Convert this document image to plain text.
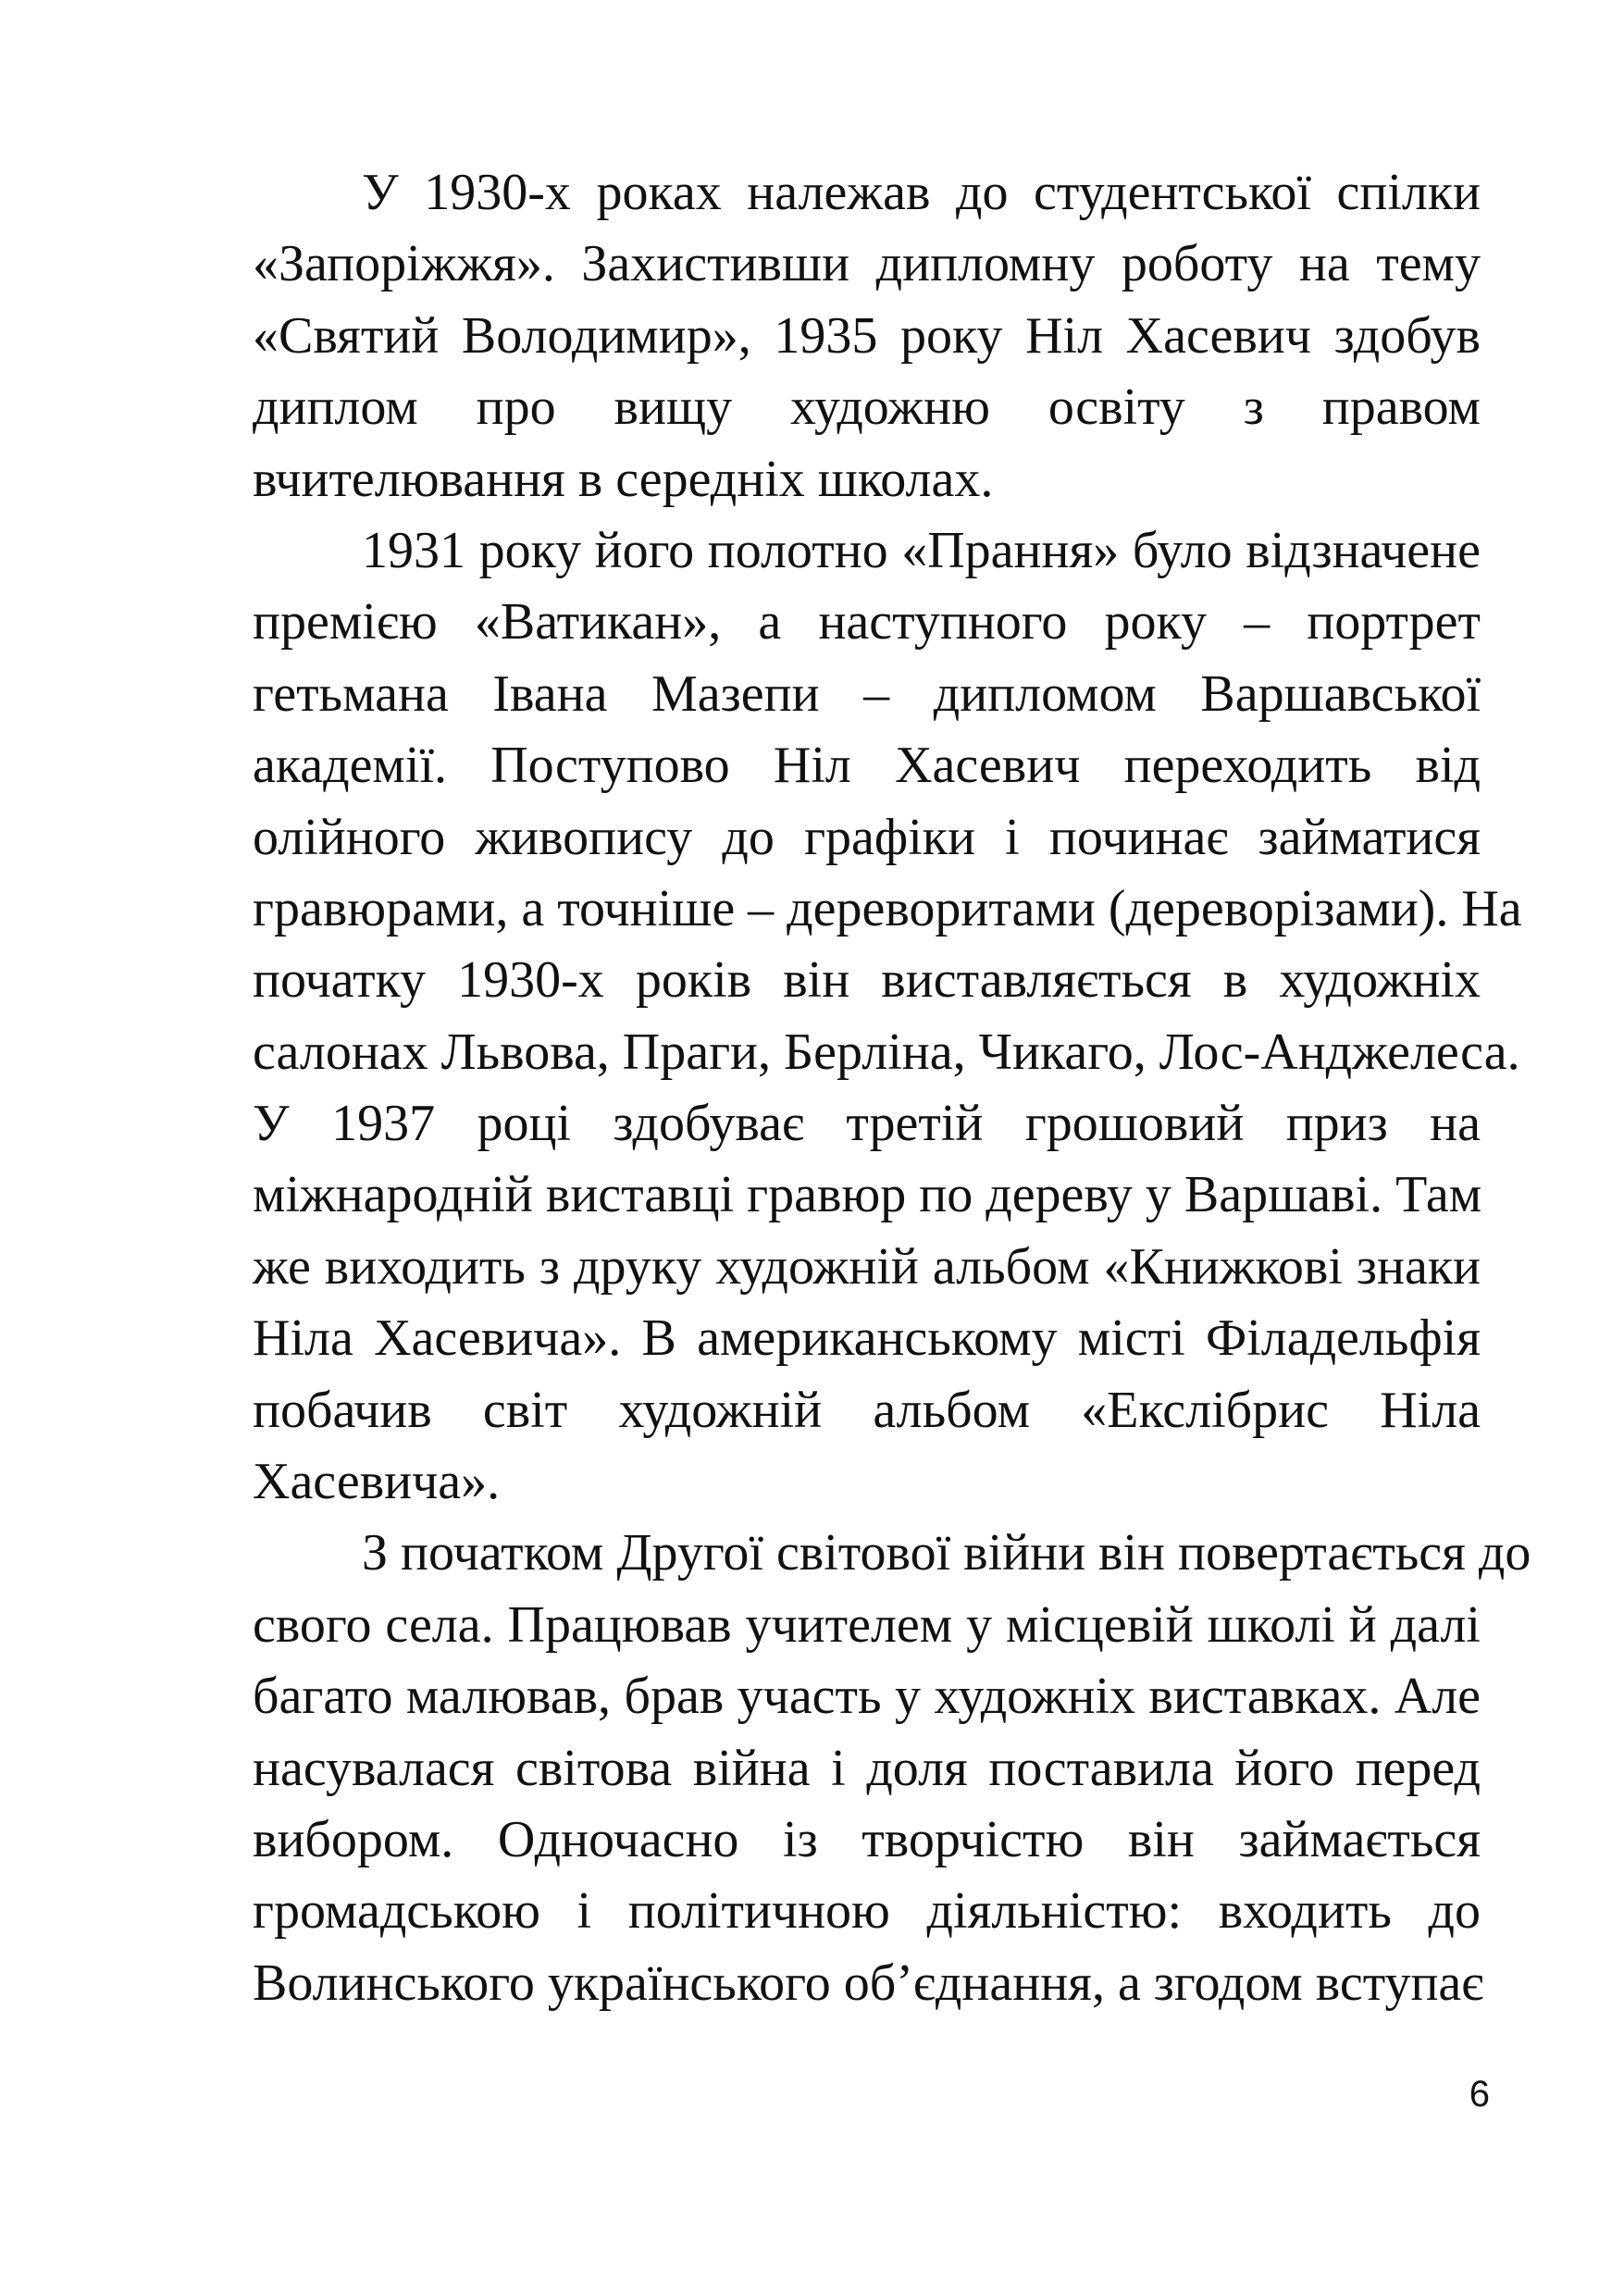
У 1930-х роках належав до студентської спілки
«Запоріжжя». Захистивши дипломну роботу на тему
«Святий Володимир», 1935 року Ніл Хасевич здобув
диплом про вищу художню освіту з правом
вчителювання в середніх школах.
1931 року його полотно «Прання» було відзначене
премією «Ватикан», а наступного року – портрет
гетьмана Івана Мазепи – дипломом Варшавської
академії. Поступово Ніл Хасевич переходить від
олійного живопису до графіки і починає займатися
гравюрами, а точніше – дереворитами (дереворізами). На
початку 1930-х років він виставляється в художніх
салонах Львова, Праги, Берліна, Чикаго, Лос-Анджелеса.
У 1937 році здобуває третій грошовий приз на
міжнародній виставці гравюр по дереву у Варшаві. Там
же виходить з друку художній альбом «Книжкові знаки
Ніла Хасевича». В американському місті Філадельфія
побачив світ художній альбом «Екслібрис Ніла
Хасевича».
З початком Другої світової війни він повертається до
свого села. Працював учителем у місцевій школі й далі
багато малював, брав участь у художніх виставках. Але
насувалася світова війна і доля поставила його перед
вибором. Одночасно із творчістю він займається
громадською і політичною діяльністю: входить до
Волинського українського об’єднання, а згодом вступає
6
